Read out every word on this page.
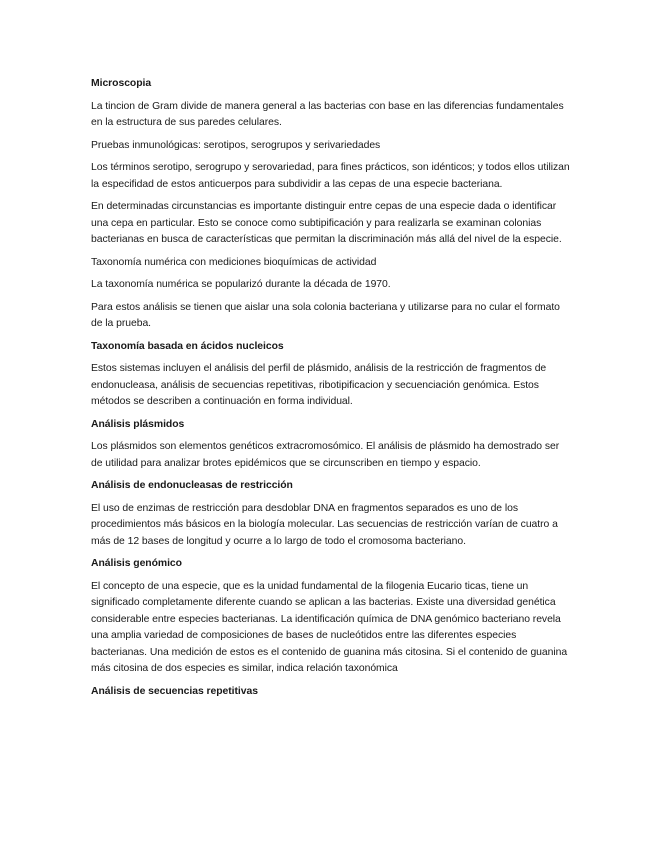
Microscopia

La tincion de Gram divide de manera general a las bacterias con base en las diferencias fundamentales en la estructura de sus paredes celulares.

Pruebas inmunológicas: serotipos, serogrupos y serivariedades

Los términos serotipo, serogrupo y serovariedad, para fines prácticos, son idénticos; y todos ellos utilizan la especifidad de estos anticuerpos para subdividir a las cepas de una especie bacteriana.

En determinadas circunstancias es importante distinguir entre cepas de una especie dada o identificar una cepa en particular. Esto se conoce como subtipificación y para realizarla se examinan colonias bacterianas en busca de características que permitan la discriminación más allá del nivel de la especie.

Taxonomía numérica con mediciones bioquímicas de actividad

La taxonomía numérica se popularizó durante la década de 1970.

Para estos análisis se tienen que aislar una sola colonia bacteriana y utilizarse para no cular el formato de la prueba.

Taxonomía basada en ácidos nucleicos

Estos sistemas incluyen el análisis del perfil de plásmido, análisis de la restricción de fragmentos de endonucleasa, análisis de secuencias repetitivas, ribotipificacion y secuenciación genómica. Estos métodos se describen a continuación en forma individual.

Análisis plásmidos

Los plásmidos son elementos genéticos extracromosómico. El análisis de plásmido ha demostrado ser de utilidad para analizar brotes epidémicos que se circunscriben en tiempo y espacio.

Análisis de endonucleasas de restricción

El uso de enzimas de restricción para desdoblar DNA en fragmentos separados es uno de los procedimientos más básicos en la biología molecular. Las secuencias de restricción varían de cuatro a más de 12 bases de longitud y ocurre a lo largo de todo el cromosoma bacteriano.

Análisis genómico

El concepto de una especie, que es la unidad fundamental de la filogenia Eucario ticas, tiene un significado completamente diferente cuando se aplican a las bacterias. Existe una diversidad genética considerable entre especies bacterianas. La identificación química de DNA genómico bacteriano revela una amplia variedad de composiciones de bases de nucleótidos entre las diferentes especies bacterianas. Una medición de estos es el contenido de guanina más citosina. Si el contenido de guanina más citosina de dos especies es similar, indica relación taxonómica

Análisis de secuencias repetitivas
